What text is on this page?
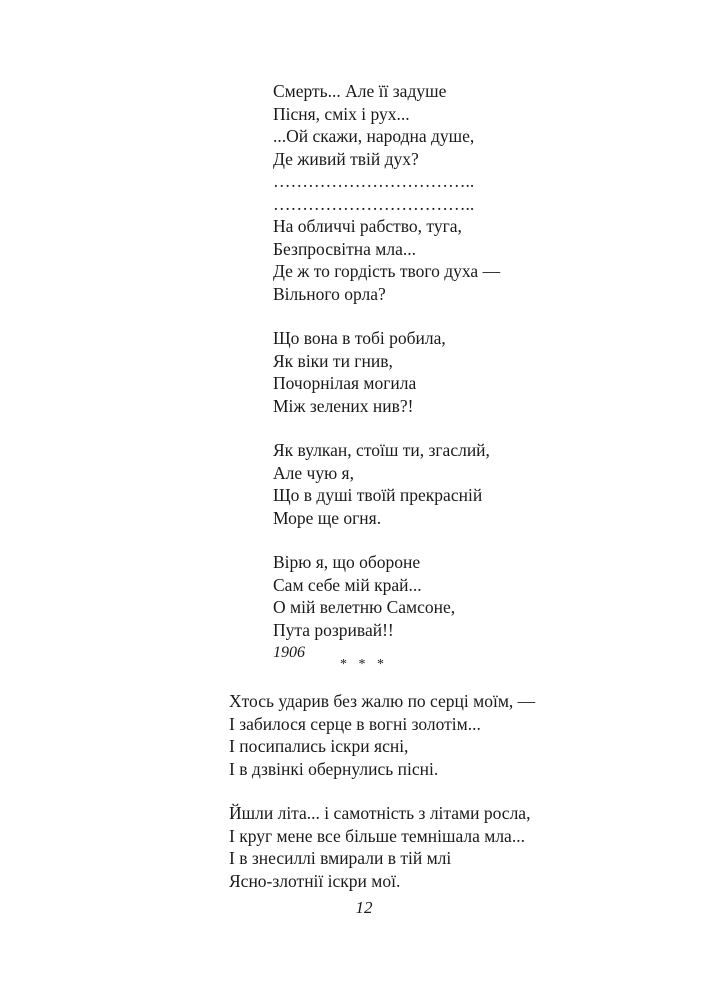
Смерть... Але її задуше
Пісня, сміх і рух...
...Ой скажи, народна душе,
Де живий твій дух?
……………………………..
……………………………..
На обличчі рабство, туга,
Безпросвітна мла...
Де ж то гордість твого духа —
Вільного орла?
Що вона в тобі робила,
Як віки ти гнив,
Почорнілая могила
Між зелених нив?!
Як вулкан, стоїш ти, згаслий,
Але чую я,
Що в душі твоїй прекрасній
Море ще огня.
Вірю я, що обороне
Сам себе мій край...
О мій велетню Самсоне,
Пута розривай!!
1906
* * *
Хтось ударив без жалю по серці моїм, —
І забилося серце в вогні золотім...
І посипались іскри ясні,
І в дзвінкі обернулись пісні.
Йшли літа... і самотність з літами росла,
І круг мене все більше темнішала мла...
І в знесиллі вмирали в тій млі
Ясно-злотнії іскри мої.
12
